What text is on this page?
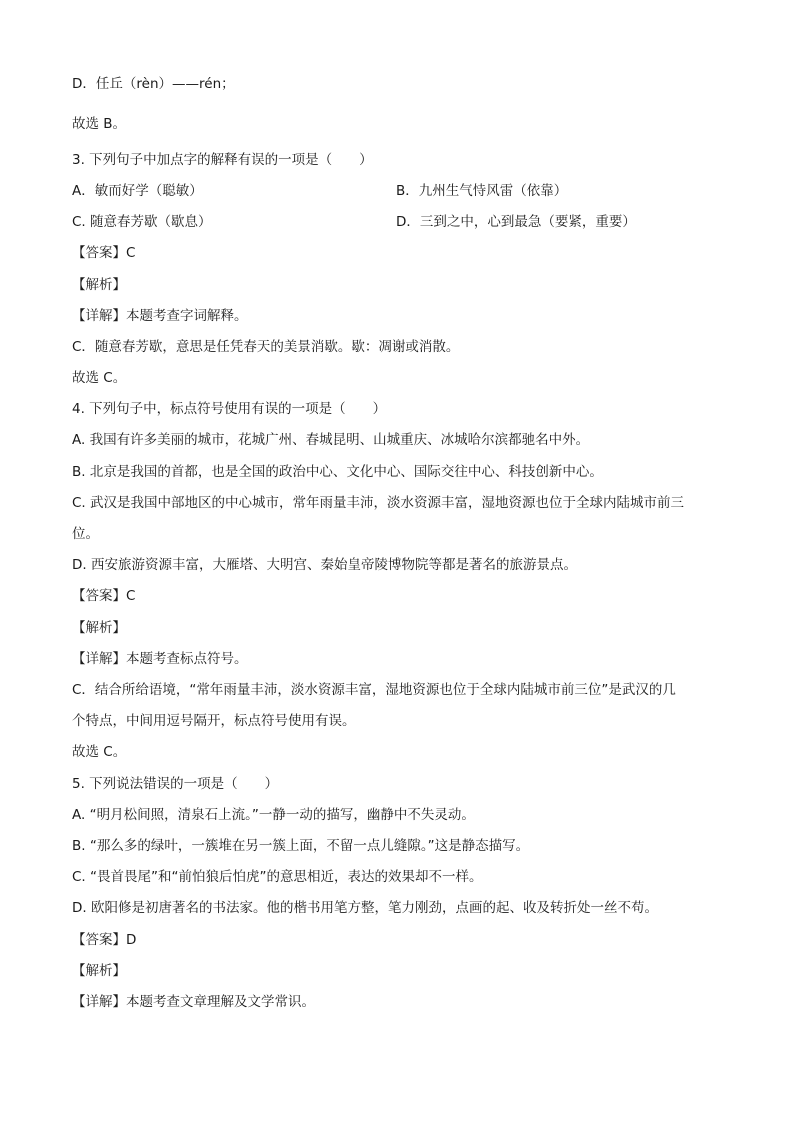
D．任丘（rèn）——rén；
故选 B。
3. 下列句子中加点字的解释有误的一项是（　　）
A．敏而好学（聪敏）	B．九州生气恃风雷（依靠）
C. 随意春芳歇（歇息）	D．三到之中，心到最急（要紧，重要）
【答案】C
【解析】
【详解】本题考查字词解释。
C．随意春芳歇，意思是任凭春天的美景消歇。歇：凋谢或消散。
故选 C。
4. 下列句子中，标点符号使用有误的一项是（　　）
A. 我国有许多美丽的城市，花城广州、春城昆明、山城重庆、冰城哈尔滨都驰名中外。
B. 北京是我国的首都，也是全国的政治中心、文化中心、国际交往中心、科技创新中心。
C. 武汉是我国中部地区的中心城市，常年雨量丰沛，淡水资源丰富，湿地资源也位于全球内陆城市前三
位。
D. 西安旅游资源丰富，大雁塔、大明宫、秦始皇帝陵博物院等都是著名的旅游景点。
【答案】C
【解析】
【详解】本题考查标点符号。
C．结合所给语境，“常年雨量丰沛，淡水资源丰富，湿地资源也位于全球内陆城市前三位”是武汉的几
个特点，中间用逗号隔开，标点符号使用有误。
故选 C。
5. 下列说法错误的一项是（　　）
A. “明月松间照，清泉石上流。”一静一动的描写，幽静中不失灵动。
B. “那么多的绿叶，一簇堆在另一簇上面，不留一点儿缝隙。”这是静态描写。
C. “畏首畏尾”和“前怕狼后怕虎”的意思相近，表达的效果却不一样。
D. 欧阳修是初唐著名的书法家。他的楷书用笔方整，笔力刚劲，点画的起、收及转折处一丝不苟。
【答案】D
【解析】
【详解】本题考查文章理解及文学常识。
